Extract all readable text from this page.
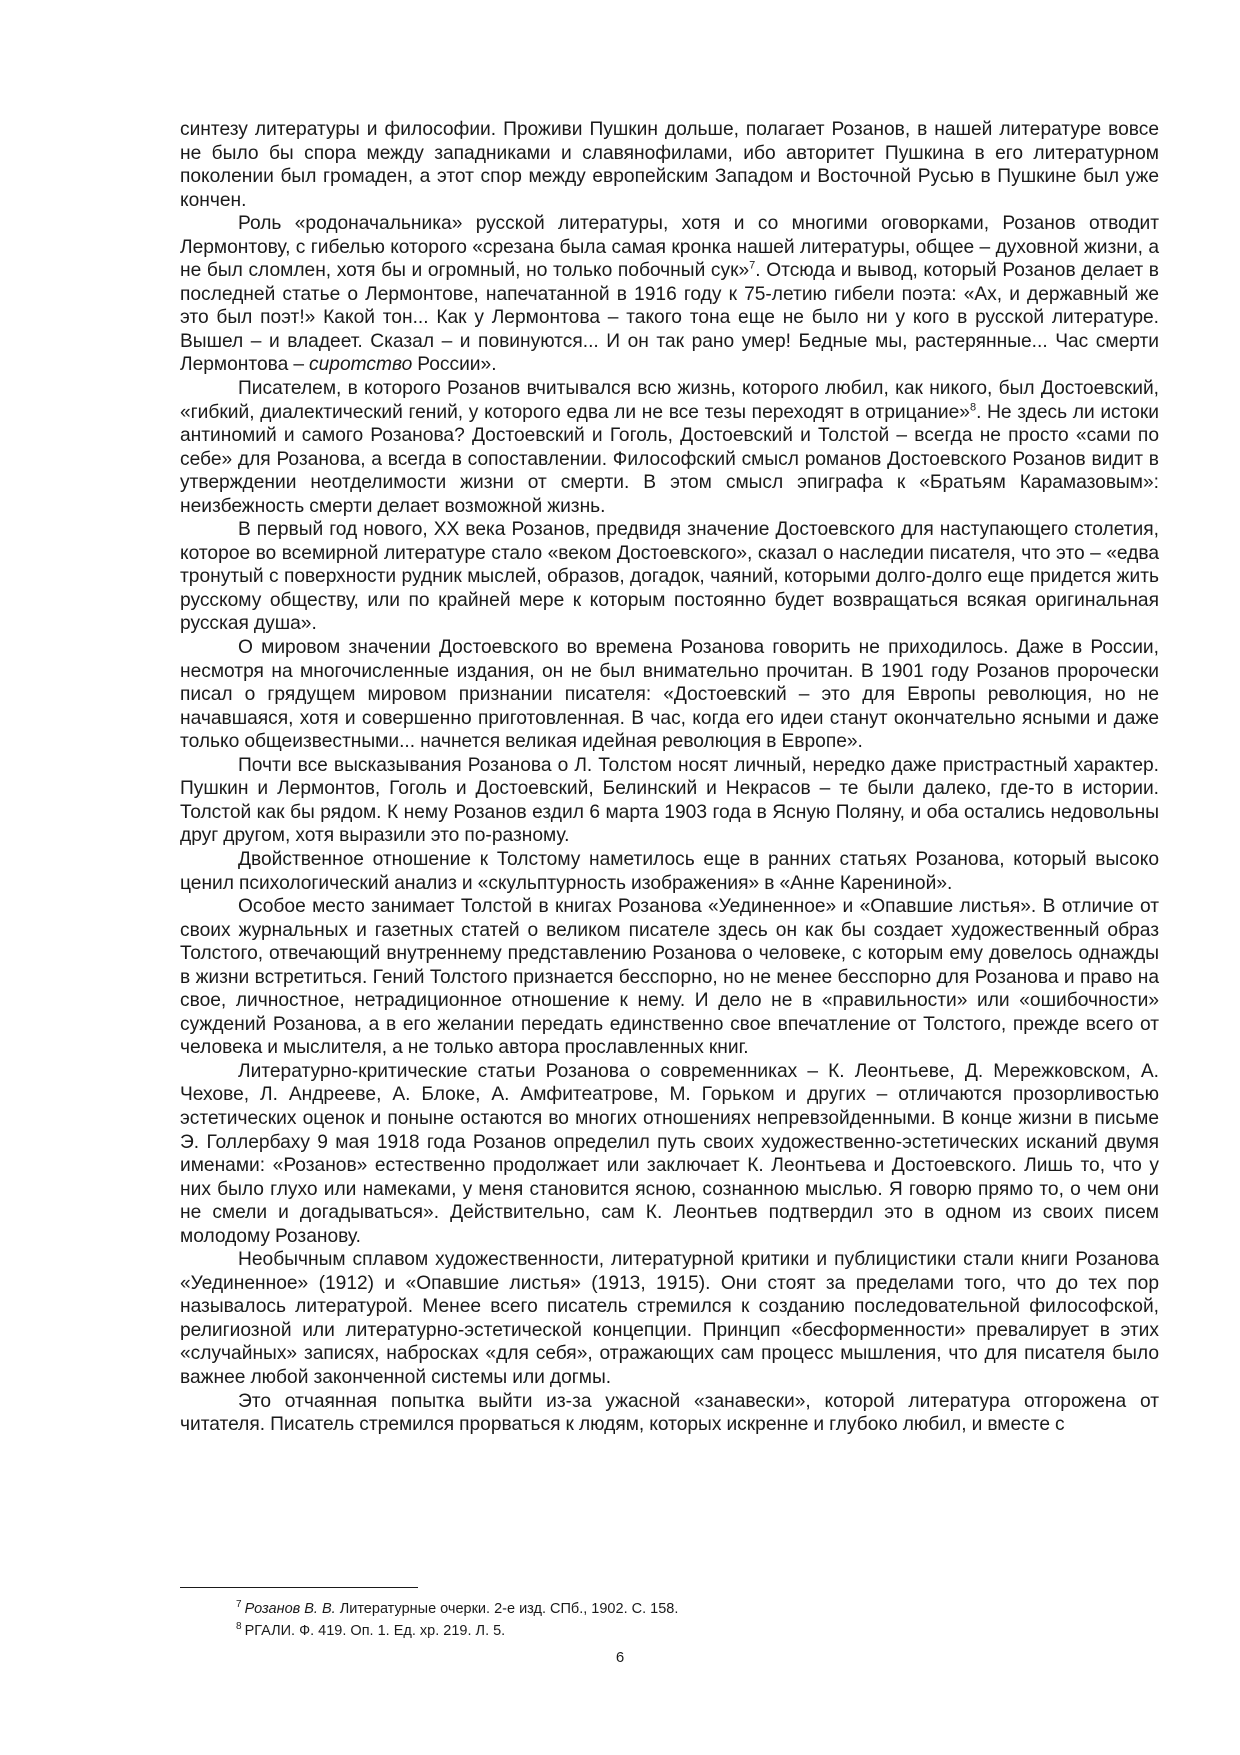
синтезу литературы и философии. Проживи Пушкин дольше, полагает Розанов, в нашей литературе вовсе не было бы спора между западниками и славянофилами, ибо авторитет Пушкина в его литературном поколении был громаден, а этот спор между европейским Западом и Восточной Русью в Пушкине был уже кончен.

Роль «родоначальника» русской литературы, хотя и со многими оговорками, Розанов отводит Лермонтову, с гибелью которого «срезана была самая кронка нашей литературы, общее – духовной жизни, а не был сломлен, хотя бы и огромный, но только побочный сук»$^7$. Отсюда и вывод, который Розанов делает в последней статье о Лермонтове, напечатанной в 1916 году к 75-летию гибели поэта: «Ах, и державный же это был поэт!» Какой тон... Как у Лермонтова – такого тона еще не было ни у кого в русской литературе. Вышел – и владеет. Сказал – и повинуются... И он так рано умер! Бедные мы, растерянные... Час смерти Лермонтова – сиротство России».

Писателем, в которого Розанов вчитывался всю жизнь, которого любил, как никого, был Достоевский, «гибкий, диалектический гений, у которого едва ли не все тезы переходят в отрицание»$^8$. Не здесь ли истоки антиномий и самого Розанова? Достоевский и Гоголь, Достоевский и Толстой – всегда не просто «сами по себе» для Розанова, а всегда в сопоставлении. Философский смысл романов Достоевского Розанов видит в утверждении неотделимости жизни от смерти. В этом смысл эпиграфа к «Братьям Карамазовым»: неизбежность смерти делает возможной жизнь.

В первый год нового, XX века Розанов, предвидя значение Достоевского для наступающего столетия, которое во всемирной литературе стало «веком Достоевского», сказал о наследии писателя, что это – «едва тронутый с поверхности рудник мыслей, образов, догадок, чаяний, которыми долго-долго еще придется жить русскому обществу, или по крайней мере к которым постоянно будет возвращаться всякая оригинальная русская душа».

О мировом значении Достоевского во времена Розанова говорить не приходилось. Даже в России, несмотря на многочисленные издания, он не был внимательно прочитан. В 1901 году Розанов пророчески писал о грядущем мировом признании писателя: «Достоевский – это для Европы революция, но не начавшаяся, хотя и совершенно приготовленная. В час, когда его идеи станут окончательно ясными и даже только общеизвестными... начнется великая идейная революция в Европе».

Почти все высказывания Розанова о Л. Толстом носят личный, нередко даже пристрастный характер. Пушкин и Лермонтов, Гоголь и Достоевский, Белинский и Некрасов – те были далеко, где-то в истории. Толстой как бы рядом. К нему Розанов ездил 6 марта 1903 года в Ясную Поляну, и оба остались недовольны друг другом, хотя выразили это по-разному.

Двойственное отношение к Толстому наметилось еще в ранних статьях Розанова, который высоко ценил психологический анализ и «скульптурность изображения» в «Анне Карениной».

Особое место занимает Толстой в книгах Розанова «Уединенное» и «Опавшие листья». В отличие от своих журнальных и газетных статей о великом писателе здесь он как бы создает художественный образ Толстого, отвечающий внутреннему представлению Розанова о человеке, с которым ему довелось однажды в жизни встретиться. Гений Толстого признается бесспорно, но не менее бесспорно для Розанова и право на свое, личностное, нетрадиционное отношение к нему. И дело не в «правильности» или «ошибочности» суждений Розанова, а в его желании передать единственно свое впечатление от Толстого, прежде всего от человека и мыслителя, а не только автора прославленных книг.

Литературно-критические статьи Розанова о современниках – К. Леонтьеве, Д. Мережковском, А. Чехове, Л. Андрееве, А. Блоке, А. Амфитеатрове, М. Горьком и других – отличаются прозорливостью эстетических оценок и поныне остаются во многих отношениях непревзойденными. В конце жизни в письме Э. Голлербаху 9 мая 1918 года Розанов определил путь своих художественно-эстетических исканий двумя именами: «Розанов» естественно продолжает или заключает К. Леонтьева и Достоевского. Лишь то, что у них было глухо или намеками, у меня становится ясною, сознанною мыслью. Я говорю прямо то, о чем они не смели и догадываться». Действительно, сам К. Леонтьев подтвердил это в одном из своих писем молодому Розанову.

Необычным сплавом художественности, литературной критики и публицистики стали книги Розанова «Уединенное» (1912) и «Опавшие листья» (1913, 1915). Они стоят за пределами того, что до тех пор называлось литературой. Менее всего писатель стремился к созданию последовательной философской, религиозной или литературно-эстетической концепции. Принцип «бесформенности» превалирует в этих «случайных» записях, набросках «для себя», отражающих сам процесс мышления, что для писателя было важнее любой законченной системы или догмы.

Это отчаянная попытка выйти из-за ужасной «занавески», которой литература отгорожена от читателя. Писатель стремился прорваться к людям, которых искренне и глубоко любил, и вместе с

$^7$ Розанов В. В. Литературные очерки. 2-е изд. СПб., 1902. С. 158.

$^8$ РГАЛИ. Ф. 419. Оп. 1. Ед. хр. 219. Л. 5.

6
